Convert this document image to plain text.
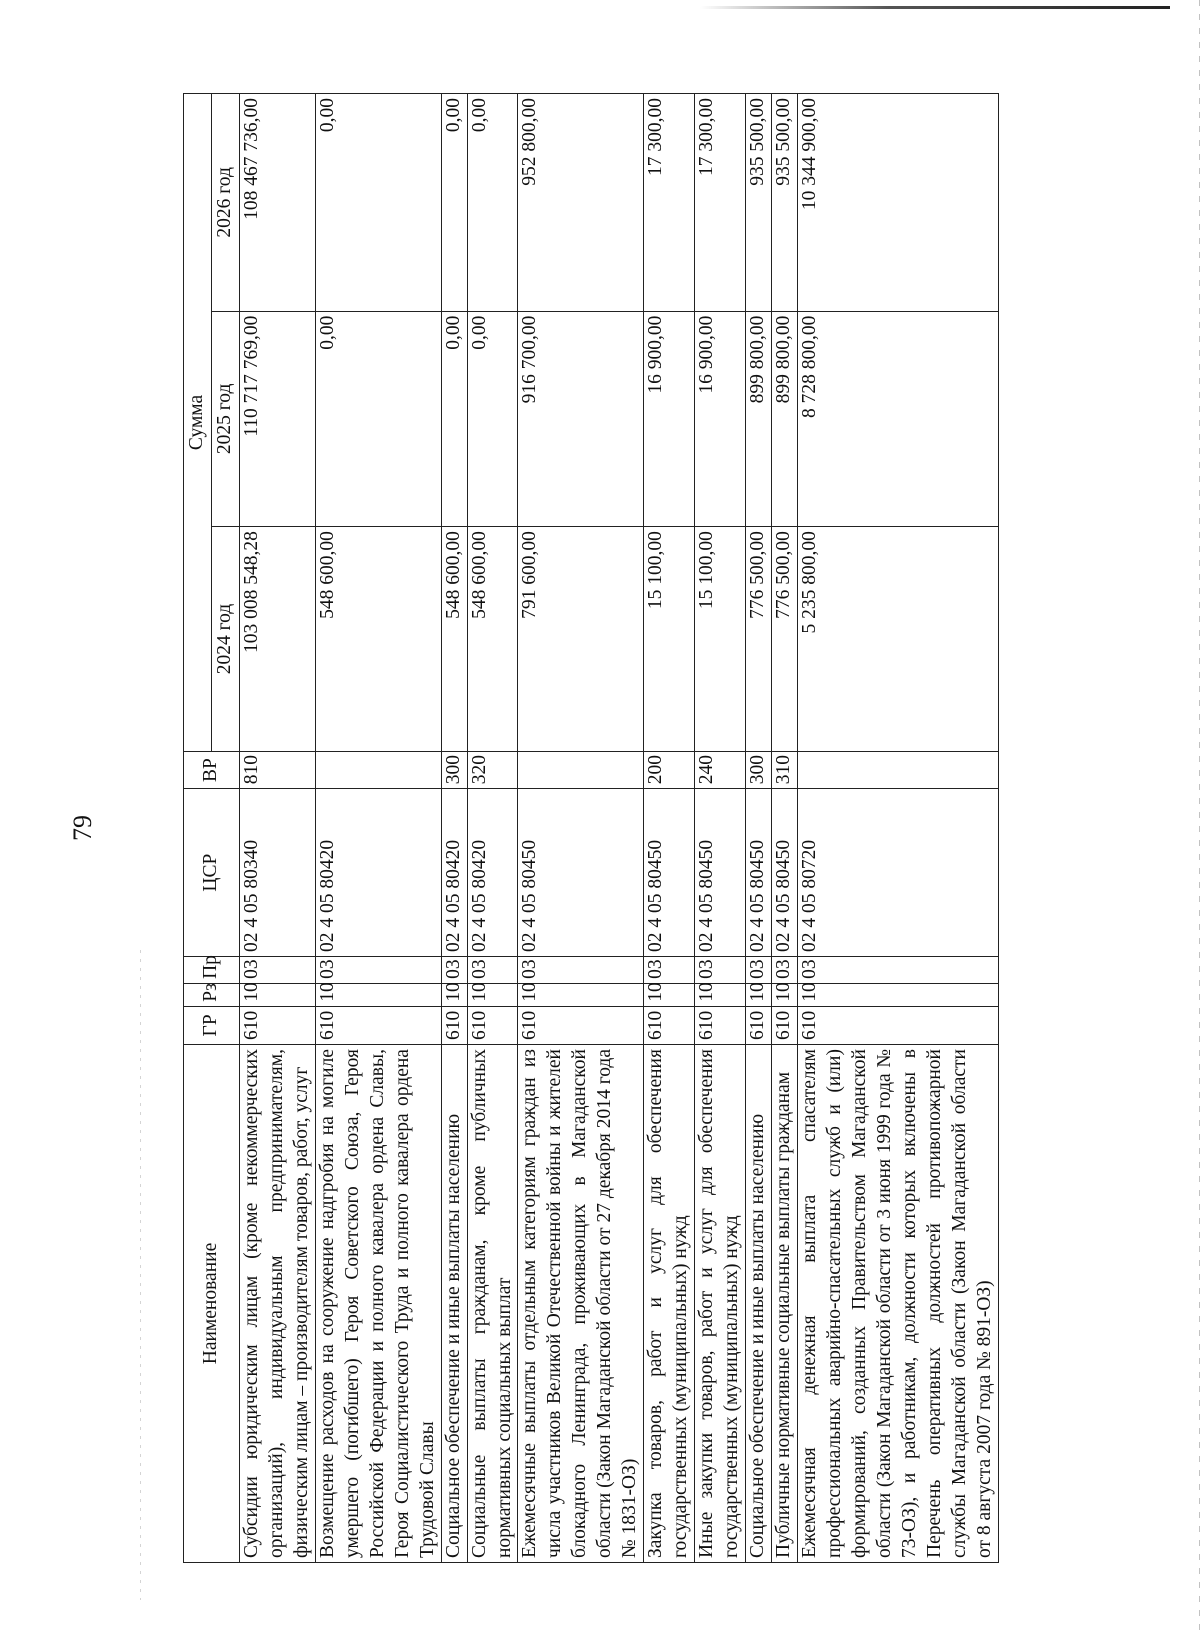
79
Наименование	ГР	Рз	Пр	ЦСР	ВР	Сумма		
						2024 год	2025 год	2026 год
Субсидии юридическим лицам (кроме некоммерческих организаций), индивидуальным предпринимателям, физическим лицам – производителям товаров, работ, услуг	610	10	03	02 4 05 80340	810	103 008 548,28	110 717 769,00	108 467 736,00
Возмещение расходов на сооружение надгробия на могиле умершего (погибшего) Героя Советского Союза, Героя Российской Федерации и полного кавалера ордена Славы, Героя Социалистического Труда и полного кавалера ордена Трудовой Славы	610	10	03	02 4 05 80420		548 600,00	0,00	0,00
Социальное обеспечение и иные выплаты населению	610	10	03	02 4 05 80420	300	548 600,00	0,00	0,00
Социальные выплаты гражданам, кроме публичных нормативных социальных выплат	610	10	03	02 4 05 80420	320	548 600,00	0,00	0,00
Ежемесячные выплаты отдельным категориям граждан из числа участников Великой Отечественной войны и жителей блокадного Ленинграда, проживающих в Магаданской области (Закон Магаданской области от 27 декабря 2014 года № 1831-ОЗ)	610	10	03	02 4 05 80450		791 600,00	916 700,00	952 800,00
Закупка товаров, работ и услуг для обеспечения государственных (муниципальных) нужд	610	10	03	02 4 05 80450	200	15 100,00	16 900,00	17 300,00
Иные закупки товаров, работ и услуг для обеспечения государственных (муниципальных) нужд	610	10	03	02 4 05 80450	240	15 100,00	16 900,00	17 300,00
Социальное обеспечение и иные выплаты населению	610	10	03	02 4 05 80450	300	776 500,00	899 800,00	935 500,00
Публичные нормативные социальные выплаты гражданам	610	10	03	02 4 05 80450	310	776 500,00	899 800,00	935 500,00
Ежемесячная денежная выплата спасателям профессиональных аварийно-спасательных служб и (или) формирований, созданных Правительством Магаданской области (Закон Магаданской области от 3 июня 1999 года № 73-ОЗ), и работникам, должности которых включены в Перечень оперативных должностей противопожарной службы Магаданской области (Закон Магаданской области от 8 августа 2007 года № 891-ОЗ)	610	10	03	02 4 05 80720		5 235 800,00	8 728 800,00	10 344 900,00
